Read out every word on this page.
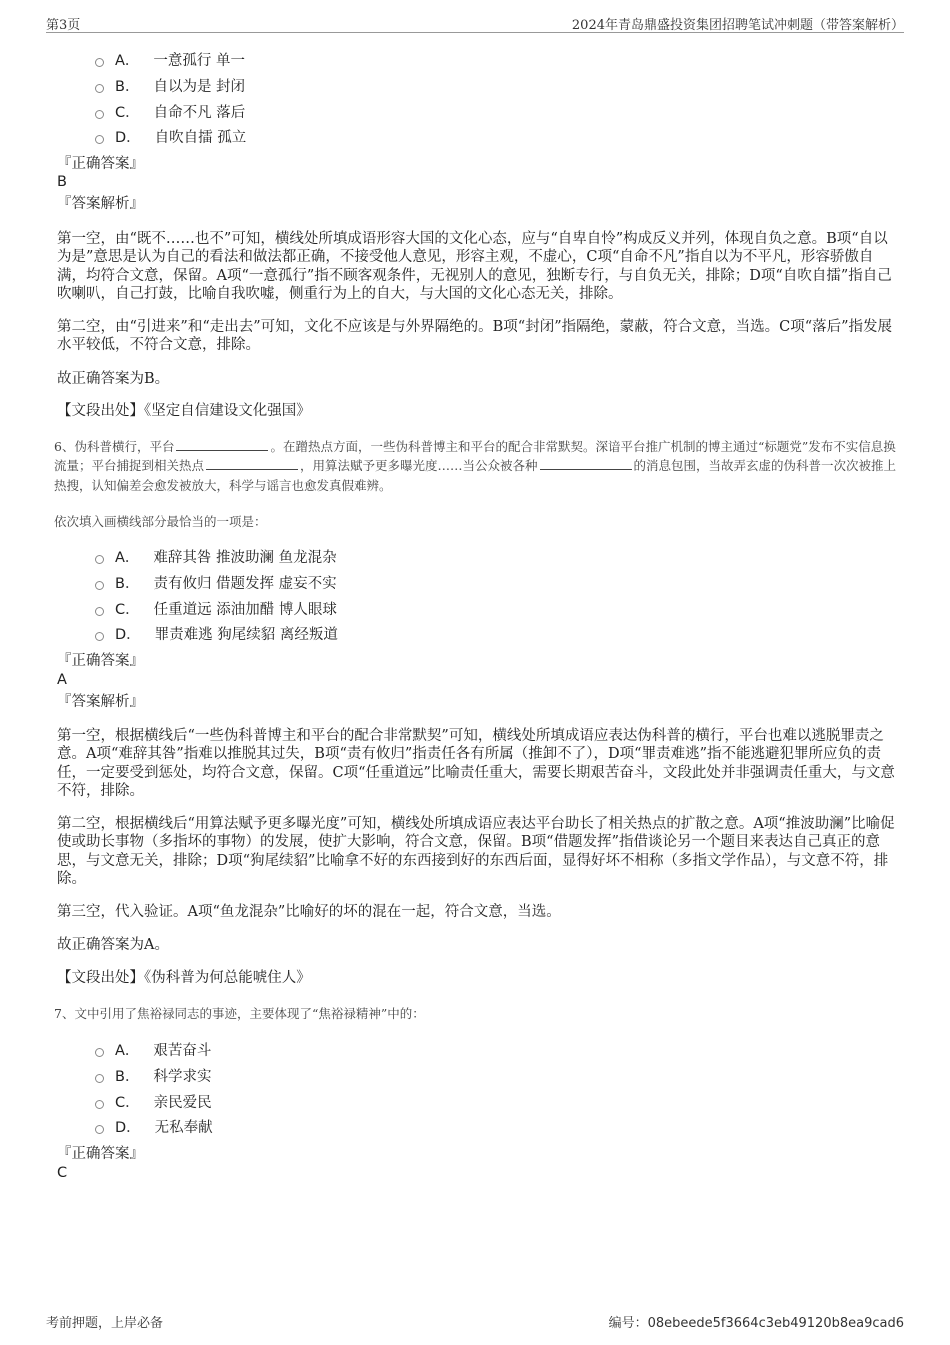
第3页	2024年青岛鼎盛投资集团招聘笔试冲刺题（带答案解析）
A． 一意孤行 单一
B． 自以为是 封闭
C． 自命不凡 落后
D． 自吹自擂 孤立
『正确答案』
B
『答案解析』
第一空，由“既不……也不”可知，横线处所填成语形容大国的文化心态，应与“自卑自怜”构成反义并列，体现自负之意。B项“自以为是”意思是认为自己的看法和做法都正确，不接受他人意见，形容主观，不虚心，C项“自命不凡”指自以为不平凡，形容骄傲自满，均符合文意，保留。A项“一意孤行”指不顾客观条件，无视别人的意见，独断专行，与自负无关，排除；D项“自吹自擂”指自己吹喇叭，自己打鼓，比喻自我吹嘘，侧重行为上的自大，与大国的文化心态无关，排除。
第二空，由“引进来”和“走出去”可知，文化不应该是与外界隔绝的。B项“封闭”指隔绝，蒙蔽，符合文意，当选。C项“落后”指发展水平较低，不符合文意，排除。
故正确答案为B。
【文段出处】《坚定自信建设文化强国》
6、伪科普横行，平台	。在蹭热点方面，一些伪科普博主和平台的配合非常默契。深谙平台推广机制的博主通过“标题党”发布不实信息换流量；平台捕捉到相关热点	，用算法赋予更多曝光度……当公众被各种	的消息包围，当故弄玄虚的伪科普一次次被推上热搜，认知偏差会愈发被放大，科学与谣言也愈发真假难辨。
依次填入画横线部分最恰当的一项是：
A． 难辞其咎 推波助澜 鱼龙混杂
B． 责有攸归 借题发挥 虚妄不实
C． 任重道远 添油加醋 博人眼球
D． 罪责难逃 狗尾续貂 离经叛道
『正确答案』
A
『答案解析』
第一空，根据横线后“一些伪科普博主和平台的配合非常默契”可知，横线处所填成语应表达伪科普的横行，平台也难以逃脱罪责之意。A项“难辞其咎”指难以推脱其过失，B项“责有攸归”指责任各有所属（推卸不了），D项“罪责难逃”指不能逃避犯罪所应负的责任，一定要受到惩处，均符合文意，保留。C项“任重道远”比喻责任重大，需要长期艰苦奋斗，文段此处并非强调责任重大，与文意不符，排除。
第二空，根据横线后“用算法赋予更多曝光度”可知，横线处所填成语应表达平台助长了相关热点的扩散之意。A项“推波助澜”比喻促使或助长事物（多指坏的事物）的发展，使扩大影响，符合文意，保留。B项“借题发挥”指借谈论另一个题目来表达自己真正的意思，与文意无关，排除；D项“狗尾续貂”比喻拿不好的东西接到好的东西后面，显得好坏不相称（多指文学作品），与文意不符，排除。
第三空，代入验证。A项“鱼龙混杂”比喻好的坏的混在一起，符合文意，当选。
故正确答案为A。
【文段出处】《伪科普为何总能唬住人》
7、文中引用了焦裕禄同志的事迹，主要体现了“焦裕禄精神”中的：
A． 艰苦奋斗
B． 科学求实
C． 亲民爱民
D． 无私奉献
『正确答案』
C
考前押题，上岸必备	编号：08ebeede5f3664c3eb49120b8ea9cad6
